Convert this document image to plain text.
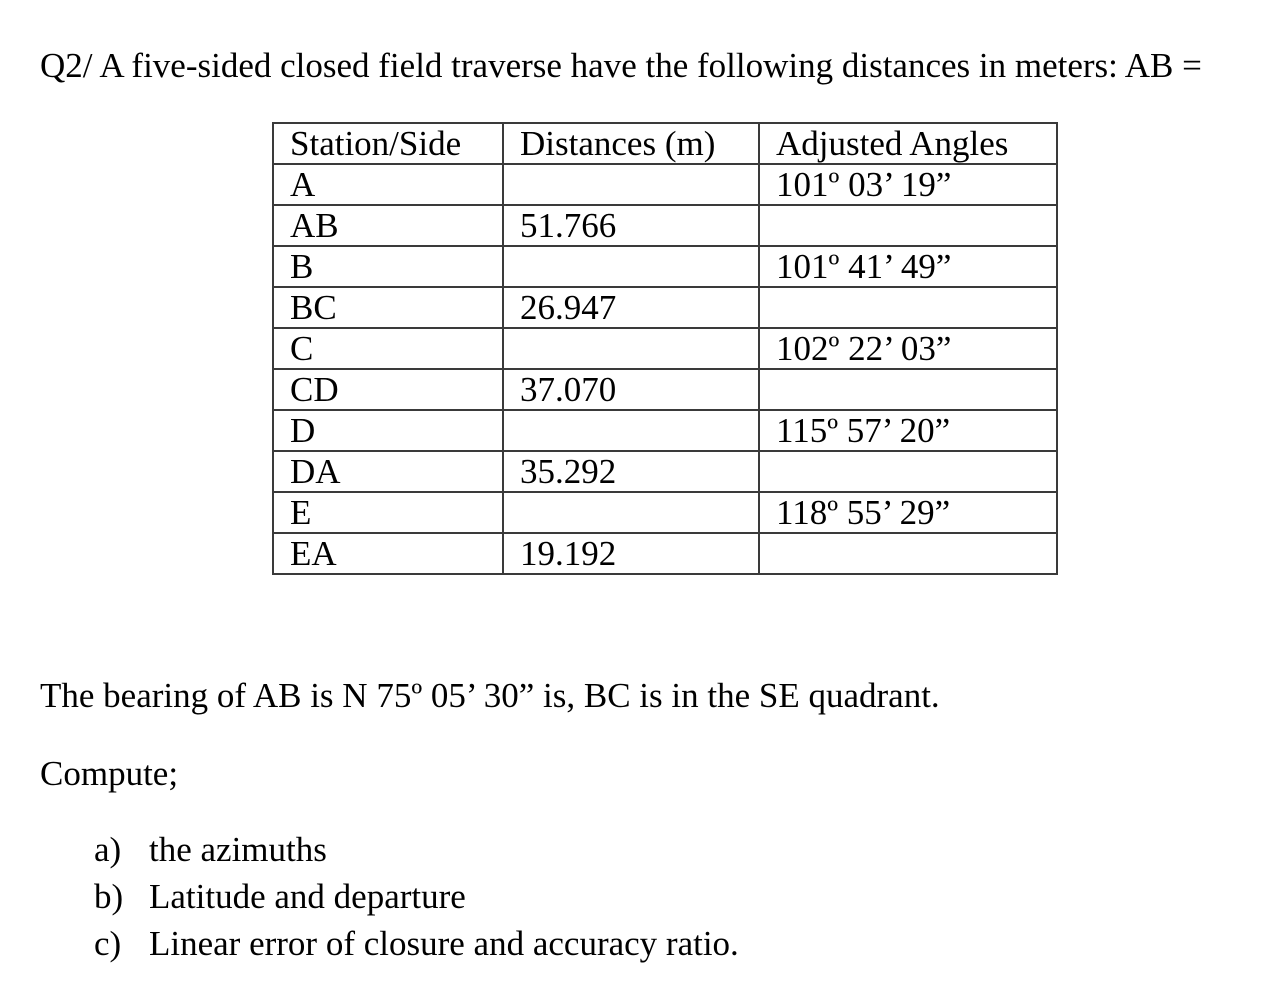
Q2/ A five-sided closed field traverse have the following distances in meters: AB =
Station/Side	Distances (m)	Adjusted Angles
A		101º 03’ 19”
AB	51.766	
B		101º 41’ 49”
BC	26.947	
C		102º 22’ 03”
CD	37.070	
D		115º 57’ 20”
DA	35.292	
E		118º 55’ 29”
EA	19.192	
The bearing of AB is N 75º 05’ 30” is, BC is in the SE quadrant.
Compute;
a) the azimuths
b) Latitude and departure
c) Linear error of closure and accuracy ratio.
